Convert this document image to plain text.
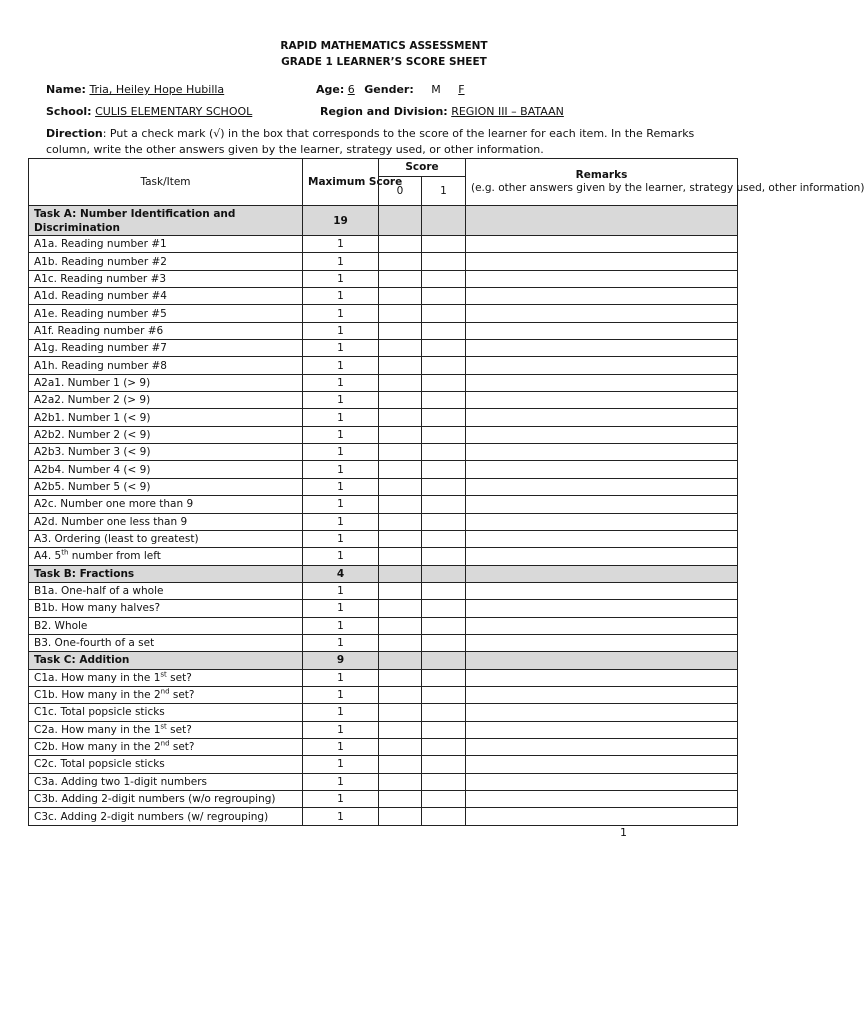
RAPID MATHEMATICS ASSESSMENT
GRADE 1 LEARNER’S SCORE SHEET
Name: Tria, Heiley Hope Hubilla	Age: 6 Gender: M F
School: CULIS ELEMENTARY SCHOOL	Region and Division: REGION III – BATAAN
Direction: Put a check mark (√) in the box that corresponds to the score of the learner for each item. In the Remarks column, write the other answers given by the learner, strategy used, or other information.
Task/Item	Maximum Score	Score		Remarks
(e.g. other answers given by the learner, strategy used, other information)

		0	1	
Task A: Number Identification and Discrimination	19			
A1a. Reading number #1	1			
A1b. Reading number #2	1			
A1c. Reading number #3	1			
A1d. Reading number #4	1			
A1e. Reading number #5	1			
A1f. Reading number #6	1			
A1g. Reading number #7	1			
A1h. Reading number #8	1			
A2a1. Number 1 (> 9)	1			
A2a2. Number 2 (> 9)	1			
A2b1. Number 1 (< 9)	1			
A2b2. Number 2 (< 9)	1			
A2b3. Number 3 (< 9)	1			
A2b4. Number 4 (< 9)	1			
A2b5. Number 5 (< 9)	1			
A2c. Number one more than 9	1			
A2d. Number one less than 9	1			
A3. Ordering (least to greatest)	1			
A4. 5th number from left	1			
Task B: Fractions	4			
B1a. One-half of a whole	1			
B1b. How many halves?	1			
B2. Whole	1			
B3. One-fourth of a set	1			
Task C: Addition	9			
C1a. How many in the 1st set?	1			
C1b. How many in the 2nd set?	1			
C1c. Total popsicle sticks	1			
C2a. How many in the 1st set?	1			
C2b. How many in the 2nd set?	1			
C2c. Total popsicle sticks	1			
C3a. Adding two 1-digit numbers	1			
C3b. Adding 2-digit numbers (w/o regrouping)	1			
C3c. Adding 2-digit numbers (w/ regrouping)	1			
1
